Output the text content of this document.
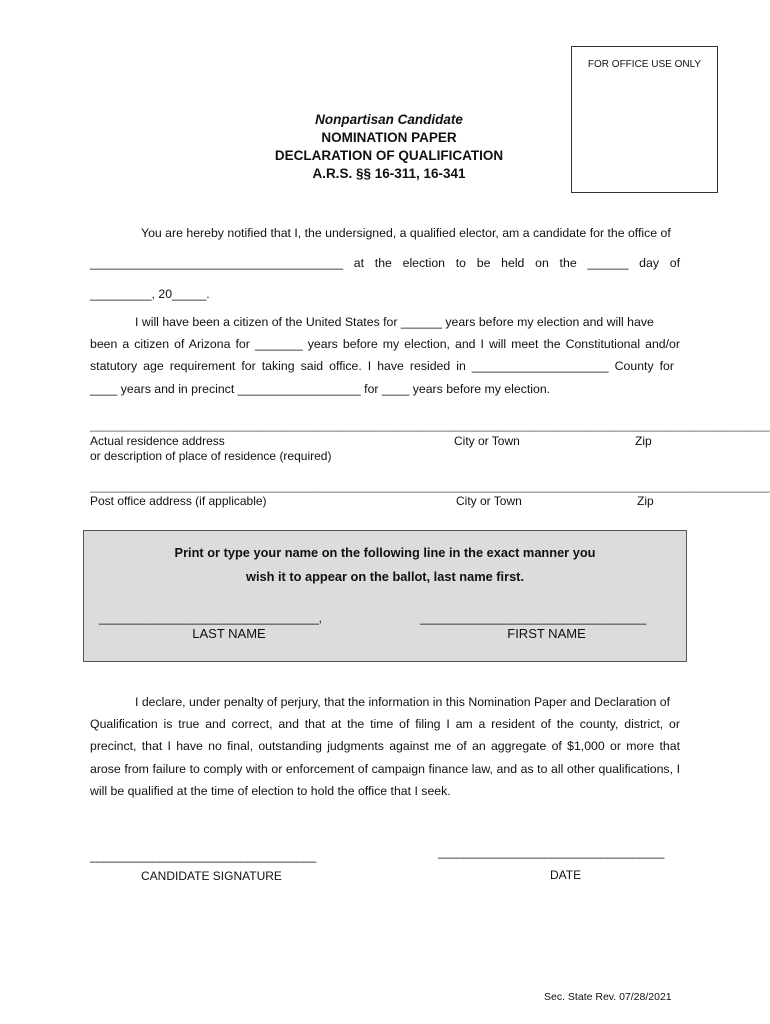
FOR OFFICE USE ONLY
Nonpartisan Candidate
NOMINATION PAPER
DECLARATION OF QUALIFICATION
A.R.S. §§ 16-311, 16-341
You are hereby notified that I, the undersigned, a qualified elector, am a candidate for the office of
_____________________________________ at the election to be held on the ______ day of
_________, 20_____.
I will have been a citizen of the United States for ______ years before my election and will have
been a citizen of Arizona for _______ years before my election, and I will meet the Constitutional and/or
statutory age requirement for taking said office. I have resided in ____________________ County for
____ years and in precinct __________________ for ____ years before my election.
______________________________________________________________________________________________________________
Actual residence address
or description of place of residence (required)
City or Town	Zip
______________________________________________________________________________________________________________
Post office address (if applicable)	City or Town	Zip
Print or type your name on the following line in the exact manner you
wish it to appear on the ballot, last name first.
___________________________________,	____________________________________
LAST NAME	FIRST NAME
I declare, under penalty of perjury, that the information in this Nomination Paper and Declaration of
Qualification is true and correct, and that at the time of filing I am a resident of the county, district, or
precinct, that I have no final, outstanding judgments against me of an aggregate of $1,000 or more that
arose from failure to comply with or enforcement of campaign finance law, and as to all other qualifications, I
will be qualified at the time of election to hold the office that I seek.
____________________________________
CANDIDATE SIGNATURE
____________________________________
DATE
Sec. State Rev. 07/28/2021
